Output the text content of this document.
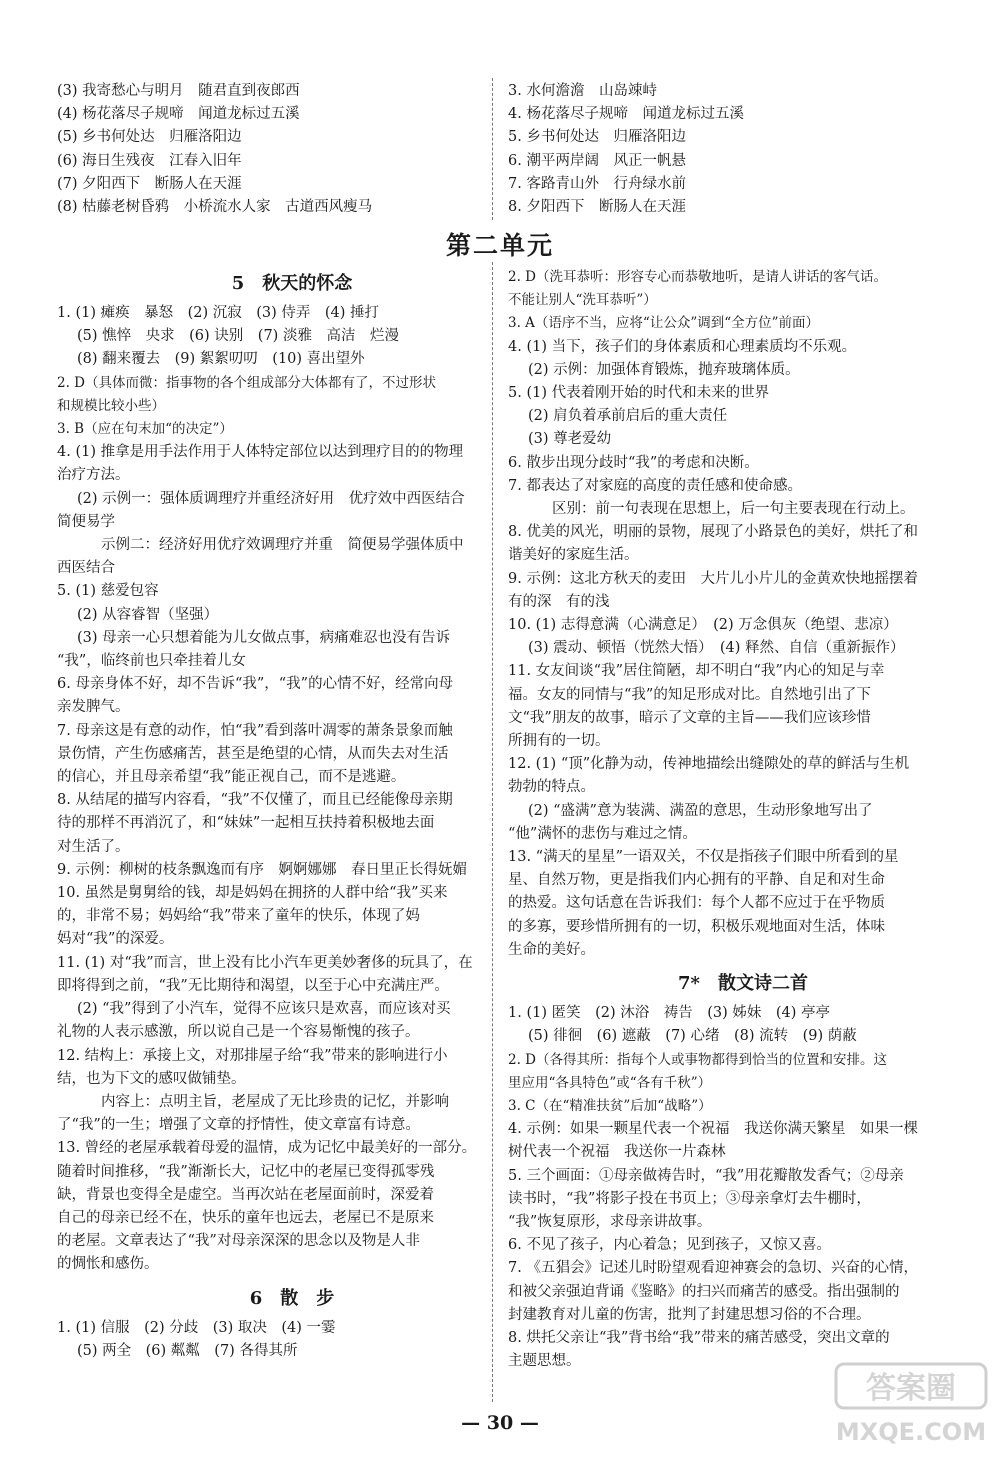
(3) 我寄愁心与明月　随君直到夜郎西
(4) 杨花落尽子规啼　闻道龙标过五溪
(5) 乡书何处达　归雁洛阳边
(6) 海日生残夜　江春入旧年
(7) 夕阳西下　断肠人在天涯
(8) 枯藤老树昏鸦　小桥流水人家　古道西风瘦马
3. 水何澹澹　山岛竦峙
4. 杨花落尽子规啼　闻道龙标过五溪
5. 乡书何处达　归雁洛阳边
6. 潮平两岸阔　风正一帆悬
7. 客路青山外　行舟绿水前
8. 夕阳西下　断肠人在天涯
第二单元
5　秋天的怀念
1. (1) 瘫痪　暴怒　(2) 沉寂　(3) 侍弄　(4) 捶打
(5) 憔悴　央求　(6) 诀别　(7) 淡雅　高洁　烂漫
(8) 翻来覆去　(9) 絮絮叨叨　(10) 喜出望外
2. D（具体而微：指事物的各个组成部分大体都有了，不过形状
和规模比较小些）
3. B（应在句末加“的决定”）
4. (1) 推拿是用手法作用于人体特定部位以达到理疗目的的物理
治疗方法。
(2) 示例一：强体质调理疗并重经济好用　优疗效中西医结合
简便易学
示例二：经济好用优疗效调理疗并重　简便易学强体质中
西医结合
5. (1) 慈爱包容
(2) 从容睿智（坚强）
(3) 母亲一心只想着能为儿女做点事，病痛难忍也没有告诉
“我”，临终前也只牵挂着儿女
6. 母亲身体不好，却不告诉“我”，“我”的心情不好，经常向母
亲发脾气。
7. 母亲这是有意的动作，怕“我”看到落叶凋零的萧条景象而触
景伤情，产生伤感痛苦，甚至是绝望的心情，从而失去对生活
的信心，并且母亲希望“我”能正视自己，而不是逃避。
8. 从结尾的描写内容看，“我”不仅懂了，而且已经能像母亲期
待的那样不再消沉了，和“妹妹”一起相互扶持着积极地去面
对生活了。
9. 示例：柳树的枝条飘逸而有序　婀婀娜娜　春日里正长得妩媚
10. 虽然是舅舅给的钱，却是妈妈在拥挤的人群中给“我”买来
的，非常不易；妈妈给“我”带来了童年的快乐，体现了妈
妈对“我”的深爱。
11. (1) 对“我”而言，世上没有比小汽车更美妙奢侈的玩具了，在
即将得到之前，“我”无比期待和渴望，以至于心中充满庄严。
(2) “我”得到了小汽车，觉得不应该只是欢喜，而应该对买
礼物的人表示感激，所以说自己是一个容易惭愧的孩子。
12. 结构上：承接上文，对那排屋子给“我”带来的影响进行小
结，也为下文的感叹做铺垫。
内容上：点明主旨，老屋成了无比珍贵的记忆，并影响
了“我”的一生；增强了文章的抒情性，使文章富有诗意。
13. 曾经的老屋承载着母爱的温情，成为记忆中最美好的一部分。
随着时间推移，“我”渐渐长大，记忆中的老屋已变得孤零残
缺，背景也变得全是虚空。当再次站在老屋面前时，深爱着
自己的母亲已经不在，快乐的童年也远去，老屋已不是原来
的老屋。文章表达了“我”对母亲深深的思念以及物是人非
的惆怅和感伤。
6　散　步
1. (1) 信服　(2) 分歧　(3) 取决　(4) 一霎
(5) 两全　(6) 粼粼　(7) 各得其所
2. D（洗耳恭听：形容专心而恭敬地听，是请人讲话的客气话。
不能让别人“洗耳恭听”）
3. A（语序不当，应将“让公众”调到“全方位”前面）
4. (1) 当下，孩子们的身体素质和心理素质均不乐观。
(2) 示例：加强体育锻炼，抛弃玻璃体质。
5. (1) 代表着刚开始的时代和未来的世界
(2) 肩负着承前启后的重大责任
(3) 尊老爱幼
6. 散步出现分歧时“我”的考虑和决断。
7. 都表达了对家庭的高度的责任感和使命感。
区别：前一句表现在思想上，后一句主要表现在行动上。
8. 优美的风光，明丽的景物，展现了小路景色的美好，烘托了和
谐美好的家庭生活。
9. 示例：这北方秋天的麦田　大片儿小片儿的金黄欢快地摇摆着
有的深　有的浅
10. (1) 志得意满（心满意足）　(2) 万念俱灰（绝望、悲凉）
(3) 震动、顿悟（恍然大悟）　(4) 释然、自信（重新振作）
11. 女友间谈“我”居住简陋，却不明白“我”内心的知足与幸
福。女友的同情与“我”的知足形成对比。自然地引出了下
文“我”朋友的故事，暗示了文章的主旨——我们应该珍惜
所拥有的一切。
12. (1) “顶”化静为动，传神地描绘出缝隙处的草的鲜活与生机
勃勃的特点。
(2) “盛满”意为装满、满盈的意思，生动形象地写出了
“他”满怀的悲伤与难过之情。
13. “满天的星星”一语双关，不仅是指孩子们眼中所看到的星
星、自然万物，更是指我们内心拥有的平静、自足和对生命
的热爱。这句话意在告诉我们：每个人都不应过于在乎物质
的多寡，要珍惜所拥有的一切，积极乐观地面对生活，体味
生命的美好。
7*　散文诗二首
1. (1) 匿笑　(2) 沐浴　祷告　(3) 姊妹　(4) 亭亭
(5) 徘徊　(6) 遮蔽　(7) 心绪　(8) 流转　(9) 荫蔽
2. D（各得其所：指每个人或事物都得到恰当的位置和安排。这
里应用“各具特色”或“各有千秋”）
3. C（在“精准扶贫”后加“战略”）
4. 示例：如果一颗星代表一个祝福　我送你满天繁星　如果一棵
树代表一个祝福　我送你一片森林
5. 三个画面：①母亲做祷告时，“我”用花瓣散发香气；②母亲
读书时，“我”将影子投在书页上；③母亲拿灯去牛棚时，
“我”恢复原形，求母亲讲故事。
6. 不见了孩子，内心着急；见到孩子，又惊又喜。
7. 《五猖会》记述儿时盼望观看迎神赛会的急切、兴奋的心情，
和被父亲强迫背诵《鉴略》的扫兴而痛苦的感受。指出强制的
封建教育对儿童的伤害，批判了封建思想习俗的不合理。
8. 烘托父亲让“我”背书给“我”带来的痛苦感受，突出文章的
主题思想。
— 30 —
答案圈
MXQE.COM
